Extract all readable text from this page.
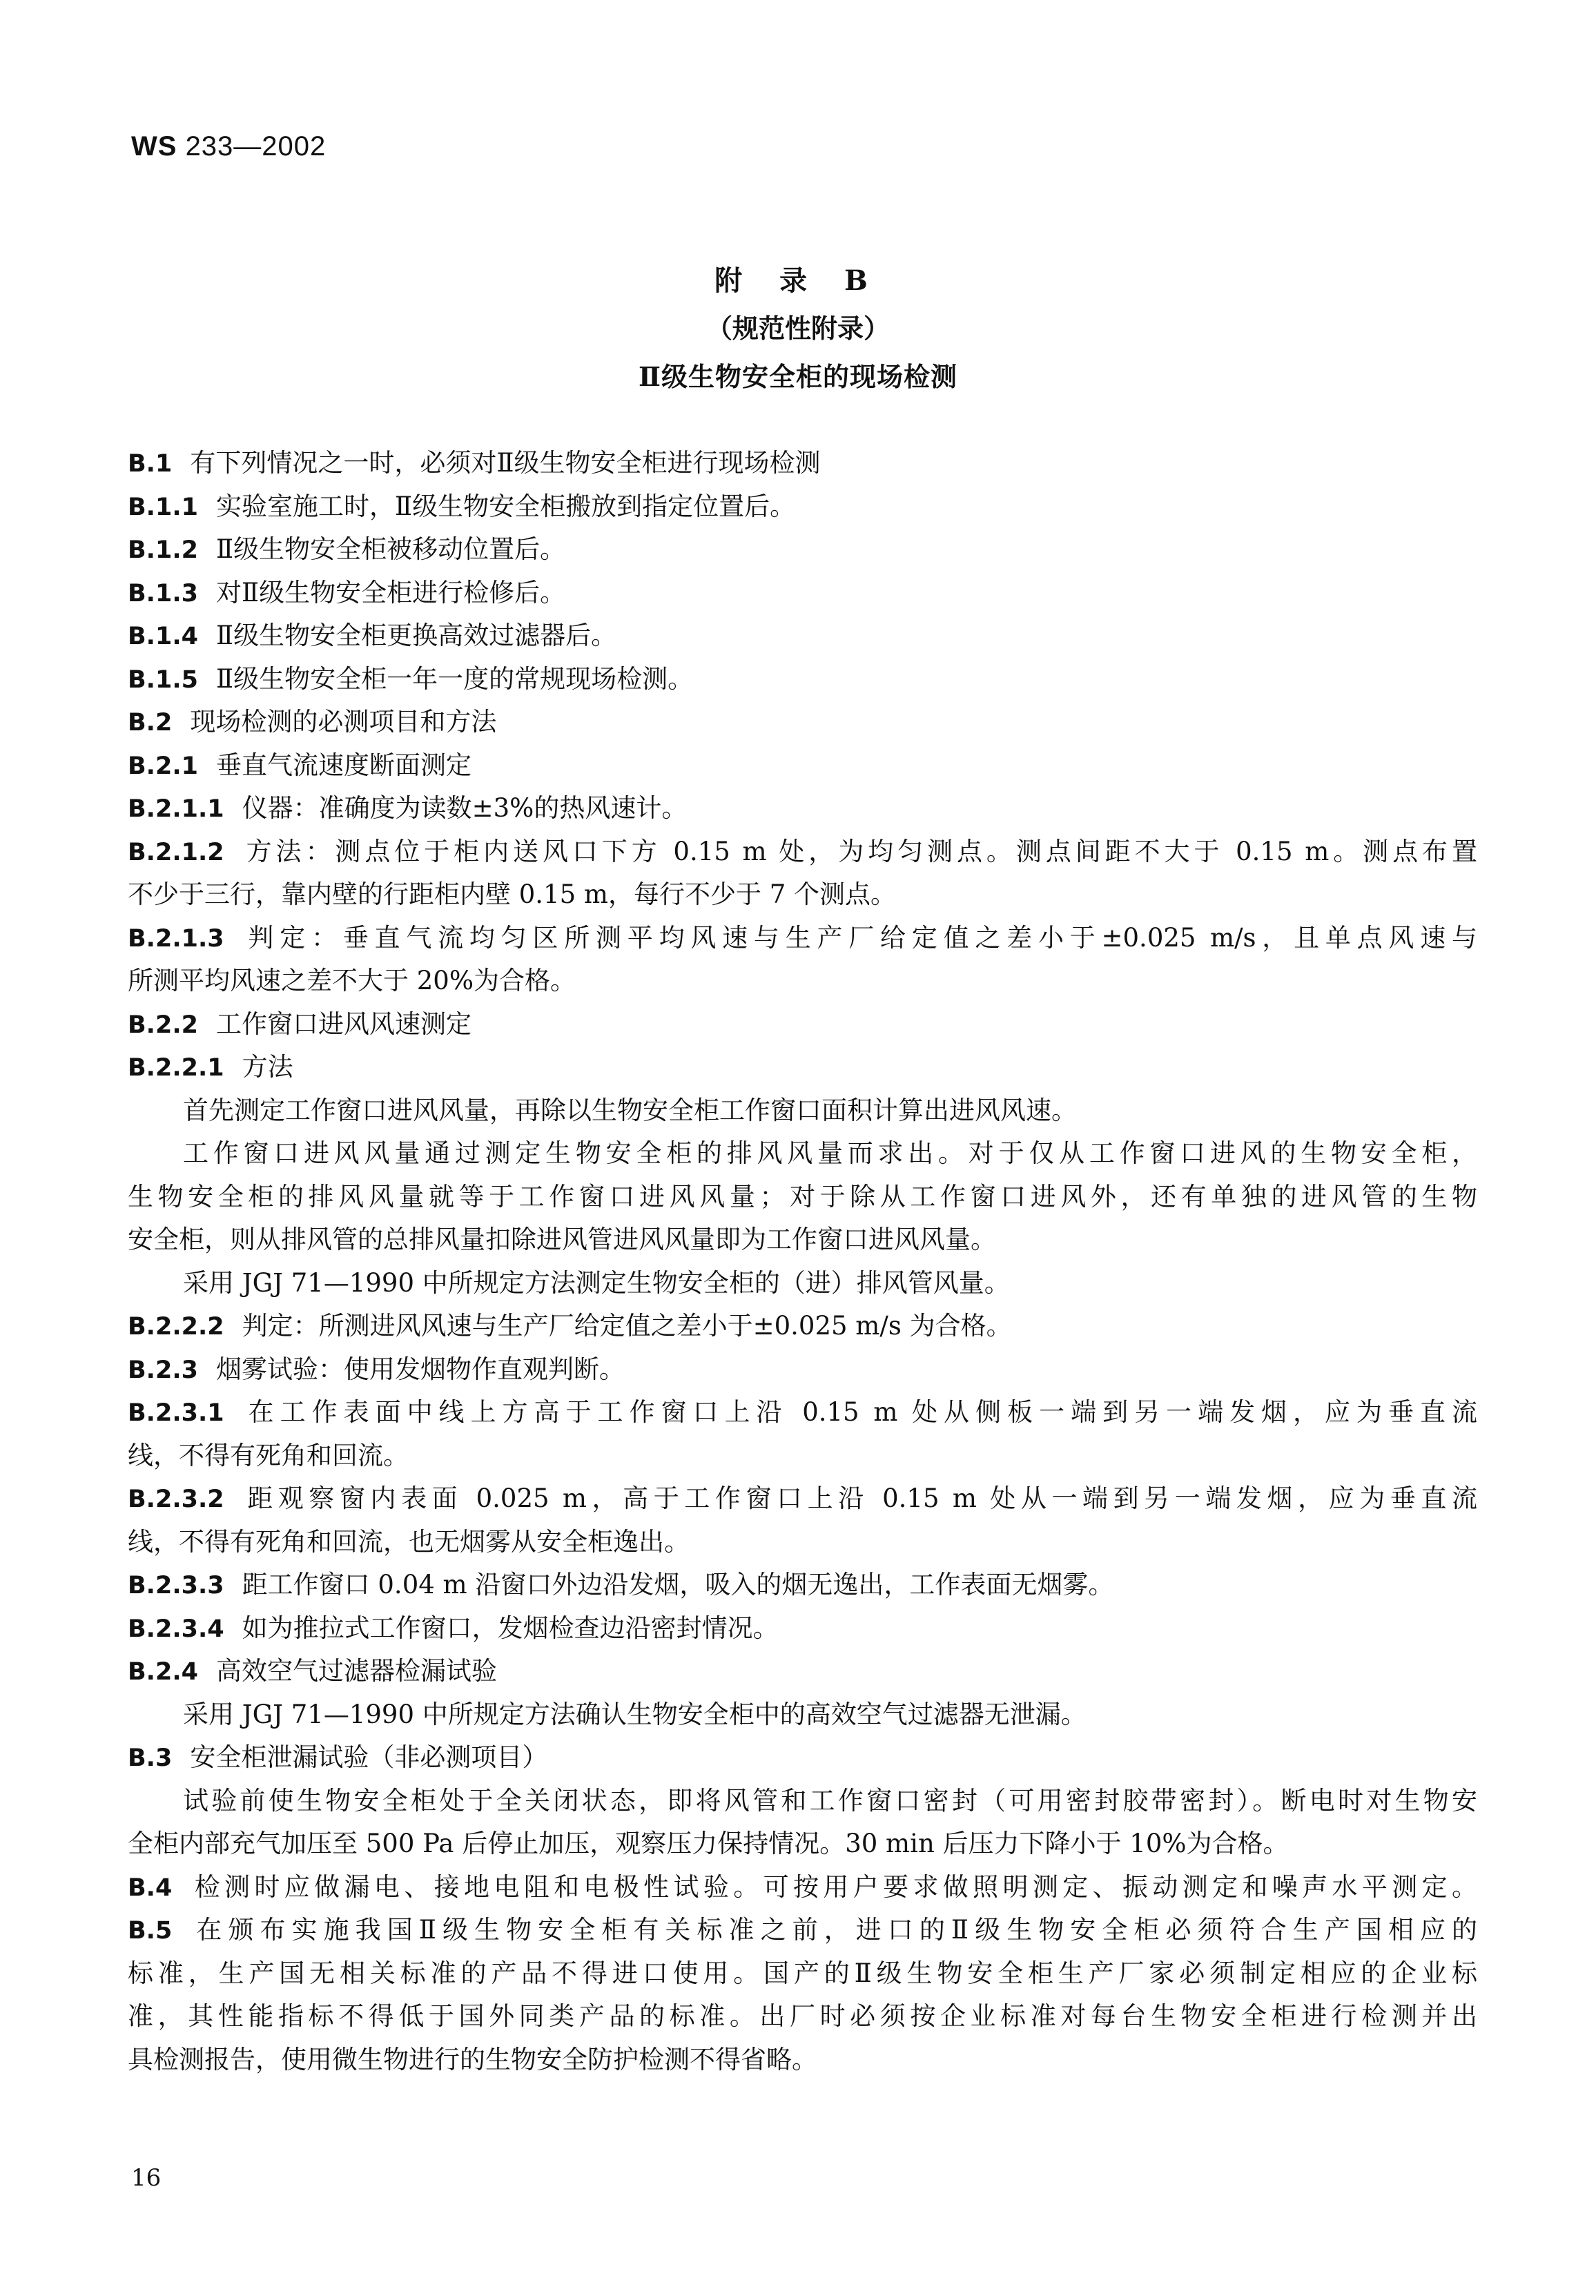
WS 233—2002
附 录 B
（规范性附录）
Ⅱ级生物安全柜的现场检测
B.1 有下列情况之一时，必须对Ⅱ级生物安全柜进行现场检测
B.1.1 实验室施工时，Ⅱ级生物安全柜搬放到指定位置后。
B.1.2 Ⅱ级生物安全柜被移动位置后。
B.1.3 对Ⅱ级生物安全柜进行检修后。
B.1.4 Ⅱ级生物安全柜更换高效过滤器后。
B.1.5 Ⅱ级生物安全柜一年一度的常规现场检测。
B.2 现场检测的必测项目和方法
B.2.1 垂直气流速度断面测定
B.2.1.1 仪器：准确度为读数±3%的热风速计。
B.2.1.2 方法：测点位于柜内送风口下方 0.15 m 处，为均匀测点。测点间距不大于 0.15 m。测点布置
不少于三行，靠内壁的行距柜内壁 0.15 m，每行不少于 7 个测点。
B.2.1.3 判定：垂直气流均匀区所测平均风速与生产厂给定值之差小于±0.025 m/s，且单点风速与
所测平均风速之差不大于 20%为合格。
B.2.2 工作窗口进风风速测定
B.2.2.1 方法
首先测定工作窗口进风风量，再除以生物安全柜工作窗口面积计算出进风风速。
工作窗口进风风量通过测定生物安全柜的排风风量而求出。对于仅从工作窗口进风的生物安全柜，
生物安全柜的排风风量就等于工作窗口进风风量；对于除从工作窗口进风外，还有单独的进风管的生物
安全柜，则从排风管的总排风量扣除进风管进风风量即为工作窗口进风风量。
采用 JGJ 71—1990 中所规定方法测定生物安全柜的（进）排风管风量。
B.2.2.2 判定：所测进风风速与生产厂给定值之差小于±0.025 m/s 为合格。
B.2.3 烟雾试验：使用发烟物作直观判断。
B.2.3.1 在工作表面中线上方高于工作窗口上沿 0.15 m 处从侧板一端到另一端发烟，应为垂直流
线，不得有死角和回流。
B.2.3.2 距观察窗内表面 0.025 m，高于工作窗口上沿 0.15 m 处从一端到另一端发烟，应为垂直流
线，不得有死角和回流，也无烟雾从安全柜逸出。
B.2.3.3 距工作窗口 0.04 m 沿窗口外边沿发烟，吸入的烟无逸出，工作表面无烟雾。
B.2.3.4 如为推拉式工作窗口，发烟检查边沿密封情况。
B.2.4 高效空气过滤器检漏试验
采用 JGJ 71—1990 中所规定方法确认生物安全柜中的高效空气过滤器无泄漏。
B.3 安全柜泄漏试验（非必测项目）
试验前使生物安全柜处于全关闭状态，即将风管和工作窗口密封（可用密封胶带密封）。断电时对生物安
全柜内部充气加压至 500 Pa 后停止加压，观察压力保持情况。30 min 后压力下降小于 10%为合格。
B.4 检测时应做漏电、接地电阻和电极性试验。可按用户要求做照明测定、振动测定和噪声水平测定。
B.5 在颁布实施我国Ⅱ级生物安全柜有关标准之前，进口的Ⅱ级生物安全柜必须符合生产国相应的
标准，生产国无相关标准的产品不得进口使用。国产的Ⅱ级生物安全柜生产厂家必须制定相应的企业标
准，其性能指标不得低于国外同类产品的标准。出厂时必须按企业标准对每台生物安全柜进行检测并出
具检测报告，使用微生物进行的生物安全防护检测不得省略。
16
